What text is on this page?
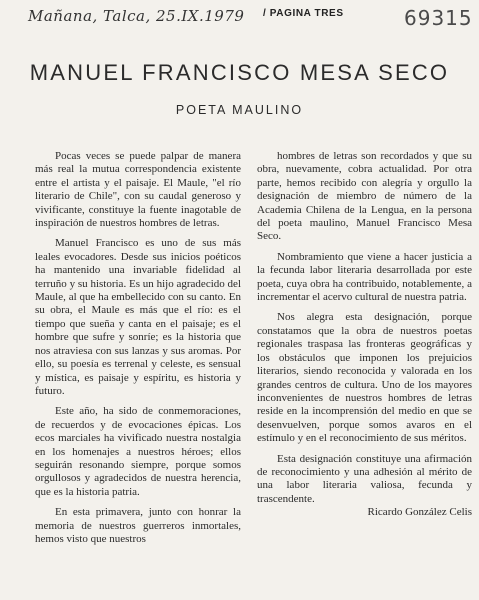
Mañana, Talca, 25.IX.1979 / PAGINA TRES	69315
MANUEL FRANCISCO MESA SECO
POETA MAULINO

Pocas veces se puede palpar de manera más real la mutua correspondencia existente entre el artista y el paisaje. El Maule, "el río literario de Chile", con su caudal generoso y vivificante, constituye la fuente inagotable de inspiración de nuestros hombres de letras.

Manuel Francisco es uno de sus más leales evocadores. Desde sus inicios poéticos ha mantenido una invariable fidelidad al terruño y su historia. Es un hijo agradecido del Maule, al que ha embellecido con su canto. En su obra, el Maule es más que el río: es el tiempo que sueña y canta en el paisaje; es el hombre que sufre y sonríe; es la historia que nos atraviesa con sus lanzas y sus aromas. Por ello, su poesía es terrenal y celeste, es sensual y mística, es paisaje y espíritu, es historia y futuro.

Este año, ha sido de conmemoraciones, de recuerdos y de evocaciones épicas. Los ecos marciales ha vivificado nuestra nostalgia en los homenajes a nuestros héroes; ellos seguirán resonando siempre, porque somos orgullosos y agradecidos de nuestra herencia, que es la historia patria.

En esta primavera, junto con honrar la memoria de nuestros guerreros inmortales, hemos visto que nuestros

hombres de letras son recordados y que su obra, nuevamente, cobra actualidad. Por otra parte, hemos recibido con alegría y orgullo la designación de miembro de número de la Academia Chilena de la Lengua, en la persona del poeta maulino, Manuel Francisco Mesa Seco.

Nombramiento que viene a hacer justicia a la fecunda labor literaria desarrollada por este poeta, cuya obra ha contribuido, notablemente, a incrementar el acervo cultural de nuestra patria.

Nos alegra esta designación, porque constatamos que la obra de nuestros poetas regionales traspasa las fronteras geográficas y los obstáculos que imponen los prejuicios literarios, siendo reconocida y valorada en los grandes centros de cultura. Uno de los mayores inconvenientes de nuestros hombres de letras reside en la incomprensión del medio en que se desenvuelven, porque somos avaros en el estímulo y en el reconocimiento de sus méritos.

Esta designación constituye una afirmación de reconocimiento y una adhesión al mérito de una labor literaria valiosa, fecunda y trascendente.

Ricardo González Celis
